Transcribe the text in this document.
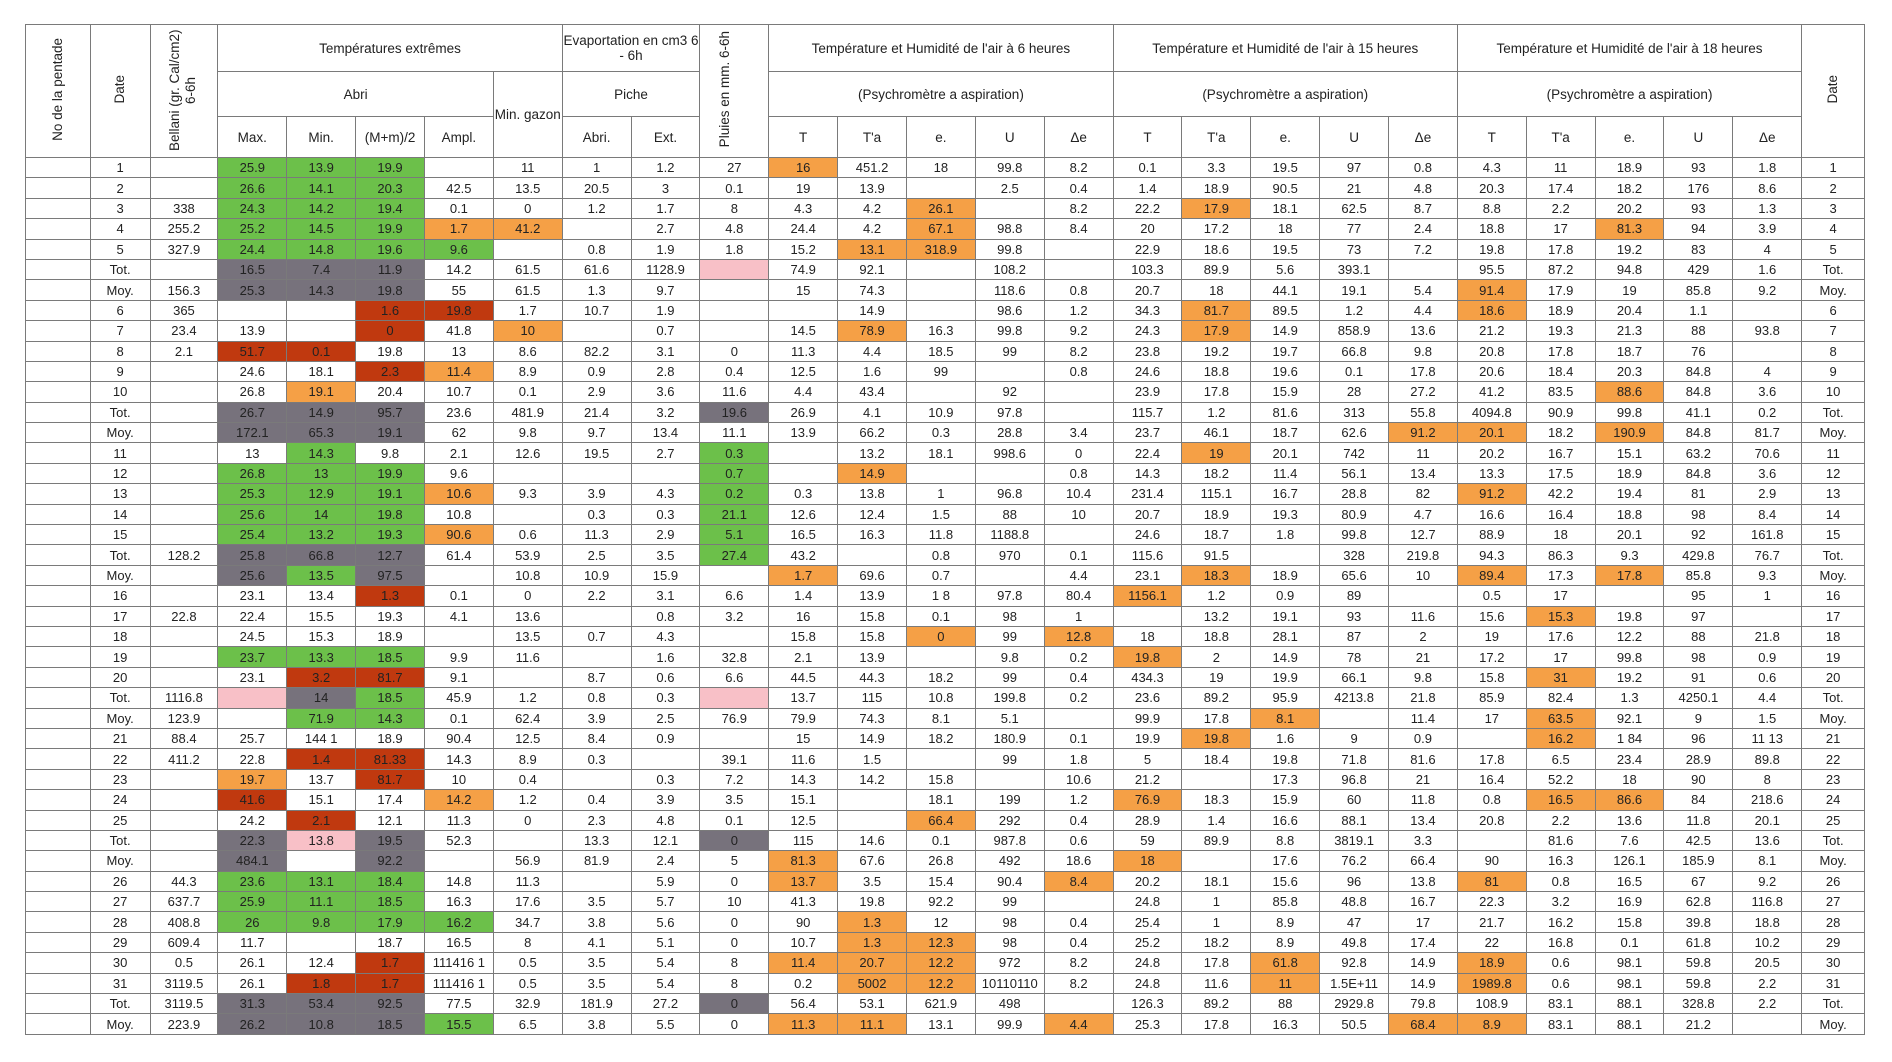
No de la pentade	Date	Bellani (gr. Cal/cm2) 6-6h	Températures extrêmes					Evaportation en cm3 6 - 6h		Pluies en mm. 6-6h	Température et Humidité de l'air à 6 heures					Température et Humidité de l'air à 15 heures					Température et Humidité de l'air à 18 heures					Date
			Abri				Min. gazon	Piche			(Psychromètre a aspiration)					(Psychromètre a aspiration)					(Psychromètre a aspiration)					
			Max.	Min.	(M+m)/2	Ampl.		Abri.	Ext.		T	T'a	e.	U	Δe	T	T'a	e.	U	Δe	T	T'a	e.	U	Δe	
	1		25.9	13.9	19.9		11	1	1.2	27	16	451.2	18	99.8	8.2	0.1	3.3	19.5	97	0.8	4.3	11	18.9	93	1.8	1
	2		26.6	14.1	20.3	42.5	13.5	20.5	3	0.1	19	13.9		2.5	0.4	1.4	18.9	90.5	21	4.8	20.3	17.4	18.2	176	8.6	2
	3	338	24.3	14.2	19.4	0.1	0	1.2	1.7	8	4.3	4.2	26.1		8.2	22.2	17.9	18.1	62.5	8.7	8.8	2.2	20.2	93	1.3	3
	4	255.2	25.2	14.5	19.9	1.7	41.2		2.7	4.8	24.4	4.2	67.1	98.8	8.4	20	17.2	18	77	2.4	18.8	17	81.3	94	3.9	4
	5	327.9	24.4	14.8	19.6	9.6		0.8	1.9	1.8	15.2	13.1	318.9	99.8		22.9	18.6	19.5	73	7.2	19.8	17.8	19.2	83	4	5
	Tot.		16.5	7.4	11.9	14.2	61.5	61.6	1128.9		74.9	92.1		108.2		103.3	89.9	5.6	393.1		95.5	87.2	94.8	429	1.6	Tot.
	Moy.	156.3	25.3	14.3	19.8	55	61.5	1.3	9.7		15	74.3		118.6	0.8	20.7	18	44.1	19.1	5.4	91.4	17.9	19	85.8	9.2	Moy.
	6	365			1.6	19.8	1.7	10.7	1.9			14.9		98.6	1.2	34.3	81.7	89.5	1.2	4.4	18.6	18.9	20.4	1.1		6
	7	23.4	13.9		0	41.8	10		0.7		14.5	78.9	16.3	99.8	9.2	24.3	17.9	14.9	858.9	13.6	21.2	19.3	21.3	88	93.8	7
	8	2.1	51.7	0.1	19.8	13	8.6	82.2	3.1	0	11.3	4.4	18.5	99	8.2	23.8	19.2	19.7	66.8	9.8	20.8	17.8	18.7	76		8
	9		24.6	18.1	2.3	11.4	8.9	0.9	2.8	0.4	12.5	1.6	99		0.8	24.6	18.8	19.6	0.1	17.8	20.6	18.4	20.3	84.8	4	9
	10		26.8	19.1	20.4	10.7	0.1	2.9	3.6	11.6	4.4	43.4		92		23.9	17.8	15.9	28	27.2	41.2	83.5	88.6	84.8	3.6	10
	Tot.		26.7	14.9	95.7	23.6	481.9	21.4	3.2	19.6	26.9	4.1	10.9	97.8		115.7	1.2	81.6	313	55.8	4094.8	90.9	99.8	41.1	0.2	Tot.
	Moy.		172.1	65.3	19.1	62	9.8	9.7	13.4	11.1	13.9	66.2	0.3	28.8	3.4	23.7	46.1	18.7	62.6	91.2	20.1	18.2	190.9	84.8	81.7	Moy.
	11		13	14.3	9.8	2.1	12.6	19.5	2.7	0.3		13.2	18.1	998.6	0	22.4	19	20.1	742	11	20.2	16.7	15.1	63.2	70.6	11
	12		26.8	13	19.9	9.6				0.7		14.9			0.8	14.3	18.2	11.4	56.1	13.4	13.3	17.5	18.9	84.8	3.6	12
	13		25.3	12.9	19.1	10.6	9.3	3.9	4.3	0.2	0.3	13.8	1	96.8	10.4	231.4	115.1	16.7	28.8	82	91.2	42.2	19.4	81	2.9	13
	14		25.6	14	19.8	10.8		0.3	0.3	21.1	12.6	12.4	1.5	88	10	20.7	18.9	19.3	80.9	4.7	16.6	16.4	18.8	98	8.4	14
	15		25.4	13.2	19.3	90.6	0.6	11.3	2.9	5.1	16.5	16.3	11.8	1188.8		24.6	18.7	1.8	99.8	12.7	88.9	18	20.1	92	161.8	15
	Tot.	128.2	25.8	66.8	12.7	61.4	53.9	2.5	3.5	27.4	43.2		0.8	970	0.1	115.6	91.5		328	219.8	94.3	86.3	9.3	429.8	76.7	Tot.
	Moy.		25.6	13.5	97.5		10.8	10.9	15.9		1.7	69.6	0.7		4.4	23.1	18.3	18.9	65.6	10	89.4	17.3	17.8	85.8	9.3	Moy.
	16		23.1	13.4	1.3	0.1	0	2.2	3.1	6.6	1.4	13.9	1 8	97.8	80.4	1156.1	1.2	0.9	89		0.5	17		95	1	16
	17	22.8	22.4	15.5	19.3	4.1	13.6		0.8	3.2	16	15.8	0.1	98	1		13.2	19.1	93	11.6	15.6	15.3	19.8	97		17
	18		24.5	15.3	18.9		13.5	0.7	4.3		15.8	15.8	0	99	12.8	18	18.8	28.1	87	2	19	17.6	12.2	88	21.8	18
	19		23.7	13.3	18.5	9.9	11.6		1.6	32.8	2.1	13.9		9.8	0.2	19.8	2	14.9	78	21	17.2	17	99.8	98	0.9	19
	20		23.1	3.2	81.7	9.1		8.7	0.6	6.6	44.5	44.3	18.2	99	0.4	434.3	19	19.9	66.1	9.8	15.8	31	19.2	91	0.6	20
	Tot.	1116.8		14	18.5	45.9	1.2	0.8	0.3		13.7	115	10.8	199.8	0.2	23.6	89.2	95.9	4213.8	21.8	85.9	82.4	1.3	4250.1	4.4	Tot.
	Moy.	123.9		71.9	14.3	0.1	62.4	3.9	2.5	76.9	79.9	74.3	8.1	5.1		99.9	17.8	8.1		11.4	17	63.5	92.1	9	1.5	Moy.
	21	88.4	25.7	144 1	18.9	90.4	12.5	8.4	0.9		15	14.9	18.2	180.9	0.1	19.9	19.8	1.6	9	0.9		16.2	1 84	96	11 13	21
	22	411.2	22.8	1.4	81.33	14.3	8.9	0.3		39.1	11.6	1.5		99	1.8	5	18.4	19.8	71.8	81.6	17.8	6.5	23.4	28.9	89.8	22
	23		19.7	13.7	81.7	10	0.4		0.3	7.2	14.3	14.2	15.8		10.6	21.2		17.3	96.8	21	16.4	52.2	18	90	8	23
	24		41.6	15.1	17.4	14.2	1.2	0.4	3.9	3.5	15.1		18.1	199	1.2	76.9	18.3	15.9	60	11.8	0.8	16.5	86.6	84	218.6	24
	25		24.2	2.1	12.1	11.3	0	2.3	4.8	0.1	12.5		66.4	292	0.4	28.9	1.4	16.6	88.1	13.4	20.8	2.2	13.6	11.8	20.1	25
	Tot.		22.3	13.8	19.5	52.3		13.3	12.1	0	115	14.6	0.1	987.8	0.6	59	89.9	8.8	3819.1	3.3		81.6	7.6	42.5	13.6	Tot.
	Moy.		484.1		92.2		56.9	81.9	2.4	5	81.3	67.6	26.8	492	18.6	18		17.6	76.2	66.4	90	16.3	126.1	185.9	8.1	Moy.
	26	44.3	23.6	13.1	18.4	14.8	11.3		5.9	0	13.7	3.5	15.4	90.4	8.4	20.2	18.1	15.6	96	13.8	81	0.8	16.5	67	9.2	26
	27	637.7	25.9	11.1	18.5	16.3	17.6	3.5	5.7	10	41.3	19.8	92.2	99		24.8	1	85.8	48.8	16.7	22.3	3.2	16.9	62.8	116.8	27
	28	408.8	26	9.8	17.9	16.2	34.7	3.8	5.6	0	90	1.3	12	98	0.4	25.4	1	8.9	47	17	21.7	16.2	15.8	39.8	18.8	28
	29	609.4	11.7		18.7	16.5	8	4.1	5.1	0	10.7	1.3	12.3	98	0.4	25.2	18.2	8.9	49.8	17.4	22	16.8	0.1	61.8	10.2	29
	30	0.5	26.1	12.4	1.7	111416 1	0.5	3.5	5.4	8	11.4	20.7	12.2	972	8.2	24.8	17.8	61.8	92.8	14.9	18.9	0.6	98.1	59.8	20.5	30
	31	3119.5	26.1	1.8	1.7	111416 1	0.5	3.5	5.4	8	0.2	5002	12.2	10110110	8.2	24.8	11.6	11	1.5E+11	14.9	1989.8	0.6	98.1	59.8	2.2	31
	Tot.	3119.5	31.3	53.4	92.5	77.5	32.9	181.9	27.2	0	56.4	53.1	621.9	498		126.3	89.2	88	2929.8	79.8	108.9	83.1	88.1	328.8	2.2	Tot.
	Moy.	223.9	26.2	10.8	18.5	15.5	6.5	3.8	5.5	0	11.3	11.1	13.1	99.9	4.4	25.3	17.8	16.3	50.5	68.4	8.9	83.1	88.1	21.2		Moy.
